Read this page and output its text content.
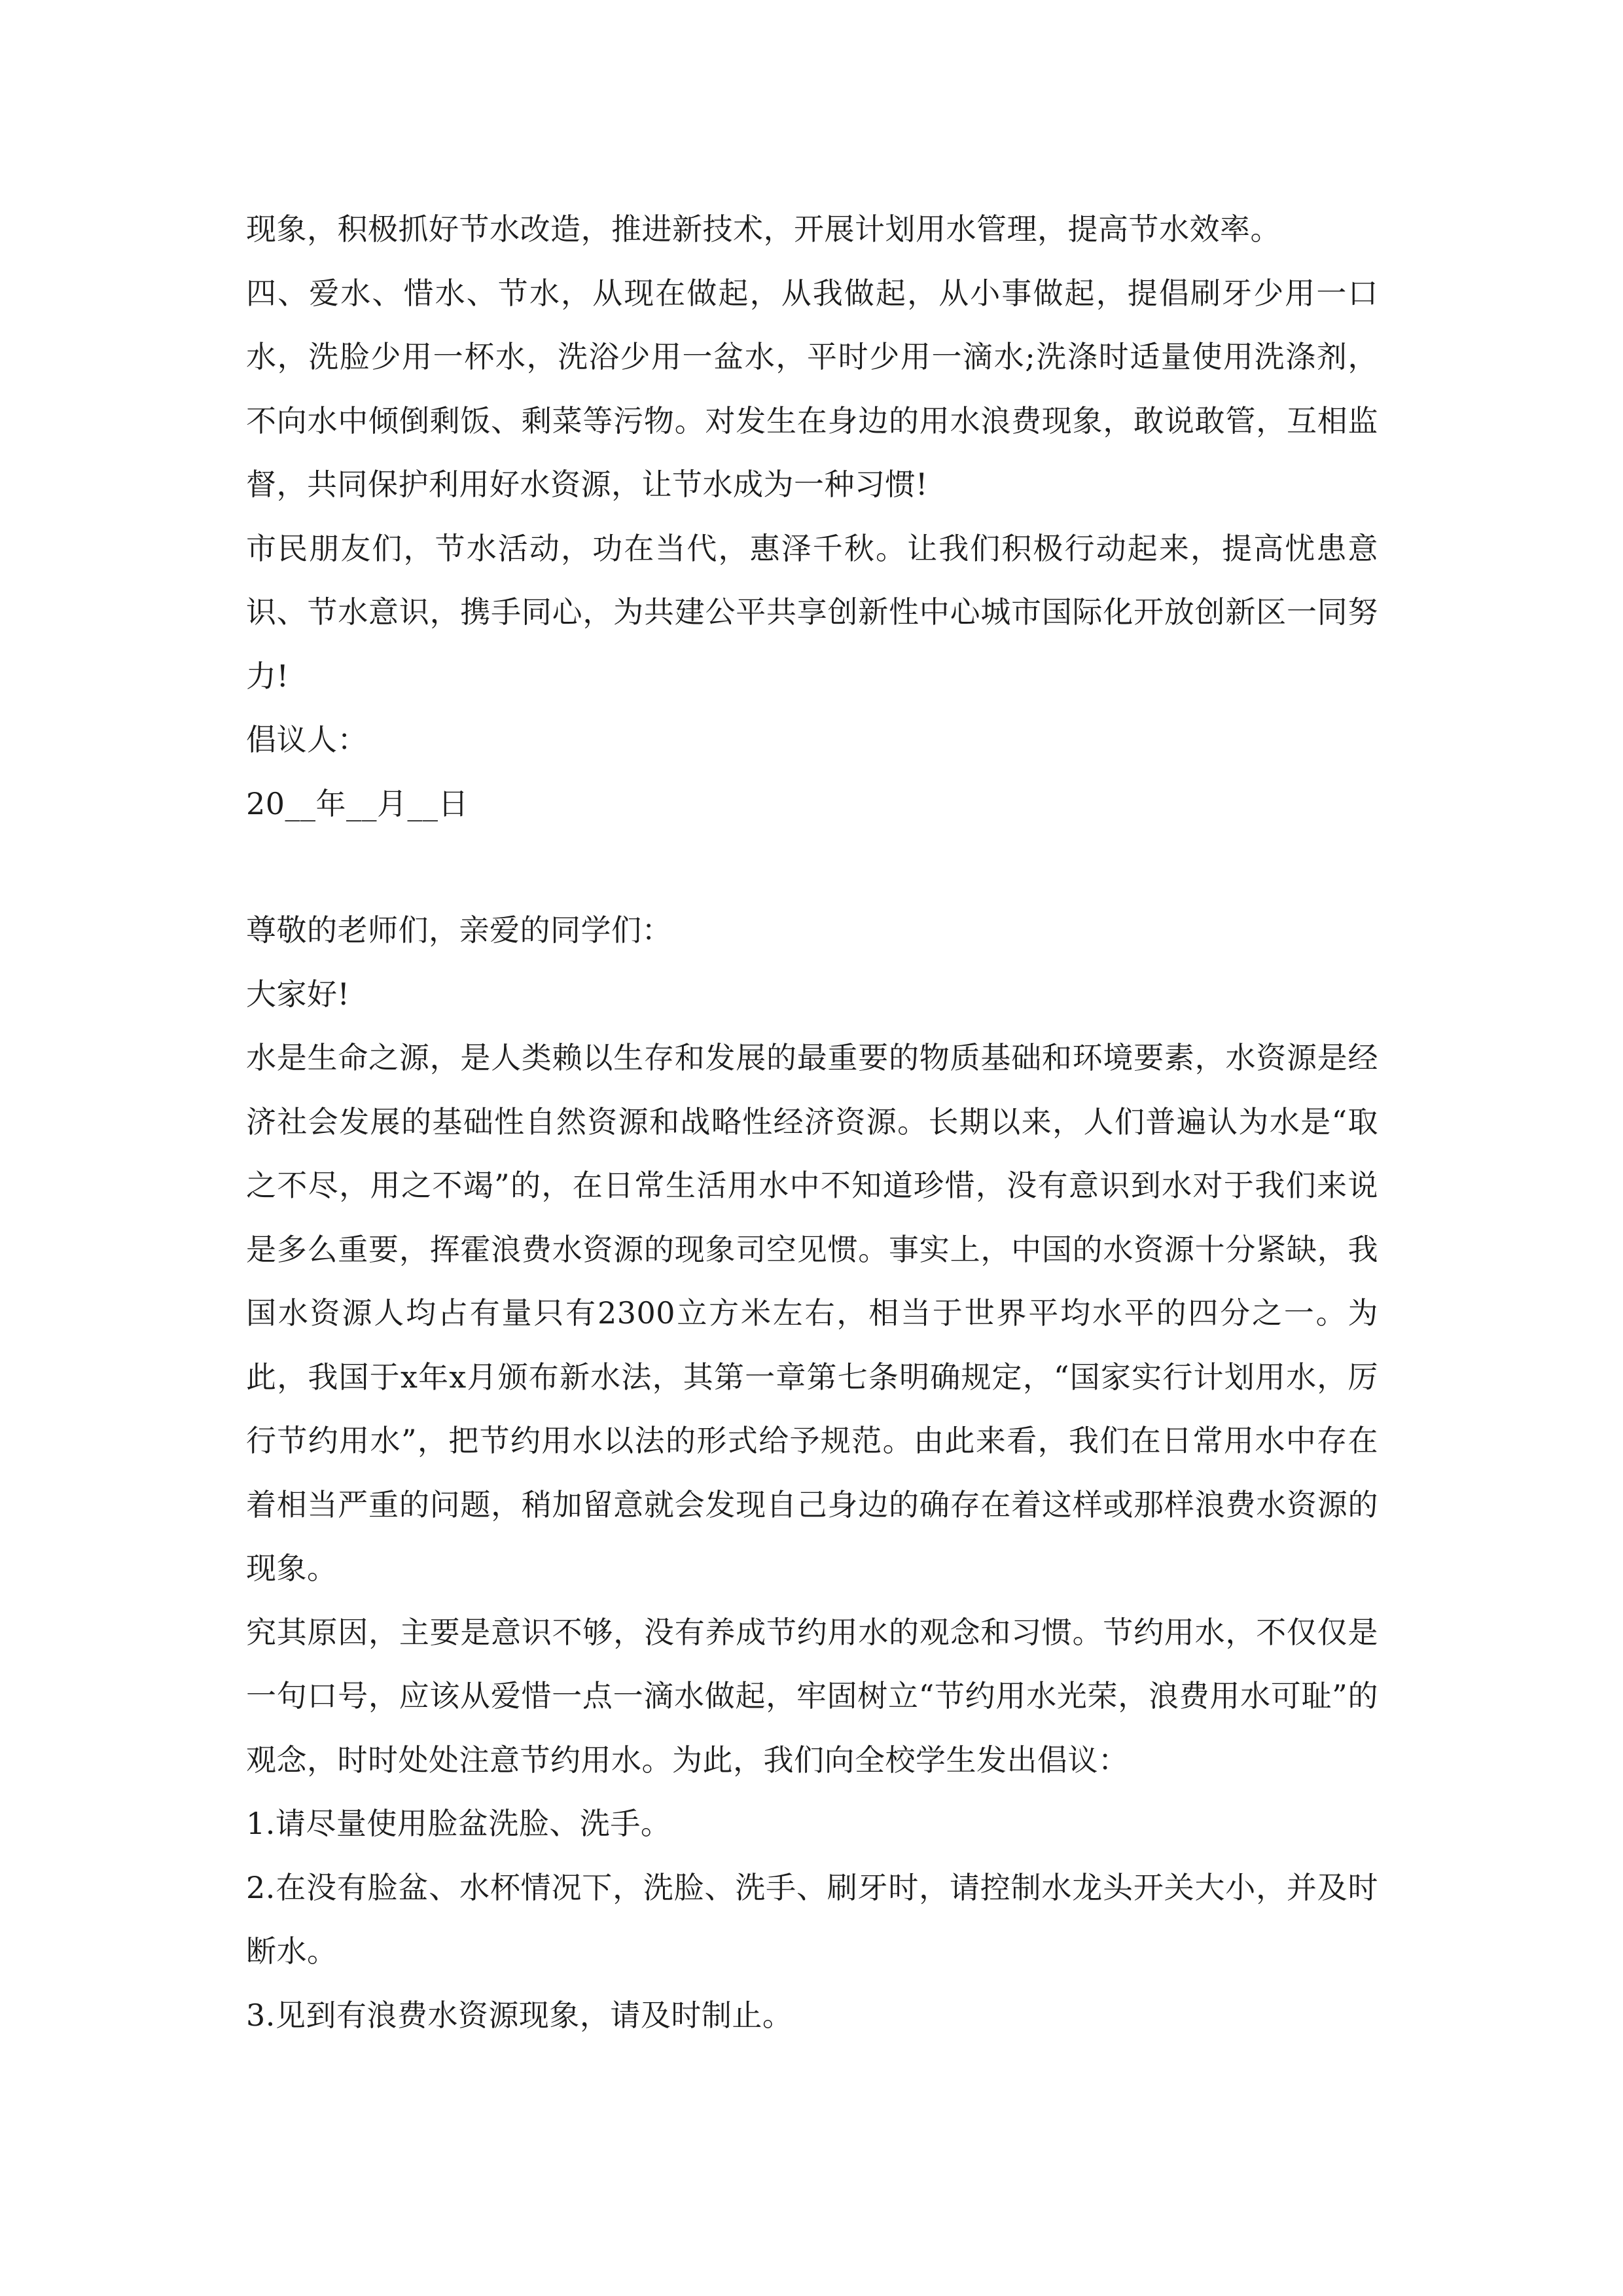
现象，积极抓好节水改造，推进新技术，开展计划用水管理，提高节水效率。

四、爱水、惜水、节水，从现在做起，从我做起，从小事做起，提倡刷牙少用一口水，洗脸少用一杯水，洗浴少用一盆水，平时少用一滴水;洗涤时适量使用洗涤剂，不向水中倾倒剩饭、剩菜等污物。对发生在身边的用水浪费现象，敢说敢管，互相监督，共同保护利用好水资源，让节水成为一种习惯!

市民朋友们，节水活动，功在当代，惠泽千秋。让我们积极行动起来，提高忧患意识、节水意识，携手同心，为共建公平共享创新性中心城市国际化开放创新区一同努力!

倡议人：

20__年__月__日

尊敬的老师们，亲爱的同学们：

大家好!

水是生命之源，是人类赖以生存和发展的最重要的物质基础和环境要素，水资源是经济社会发展的基础性自然资源和战略性经济资源。长期以来，人们普遍认为水是“取之不尽，用之不竭”的，在日常生活用水中不知道珍惜，没有意识到水对于我们来说是多么重要，挥霍浪费水资源的现象司空见惯。事实上，中国的水资源十分紧缺，我国水资源人均占有量只有2300立方米左右，相当于世界平均水平的四分之一。为此，我国于x年x月颁布新水法，其第一章第七条明确规定，“国家实行计划用水，厉行节约用水”，把节约用水以法的形式给予规范。由此来看，我们在日常用水中存在着相当严重的问题，稍加留意就会发现自己身边的确存在着这样或那样浪费水资源的现象。

究其原因，主要是意识不够，没有养成节约用水的观念和习惯。节约用水，不仅仅是一句口号，应该从爱惜一点一滴水做起，牢固树立“节约用水光荣，浪费用水可耻”的观念，时时处处注意节约用水。为此，我们向全校学生发出倡议：

1.请尽量使用脸盆洗脸、洗手。

2.在没有脸盆、水杯情况下，洗脸、洗手、刷牙时，请控制水龙头开关大小，并及时断水。

3.见到有浪费水资源现象，请及时制止。
